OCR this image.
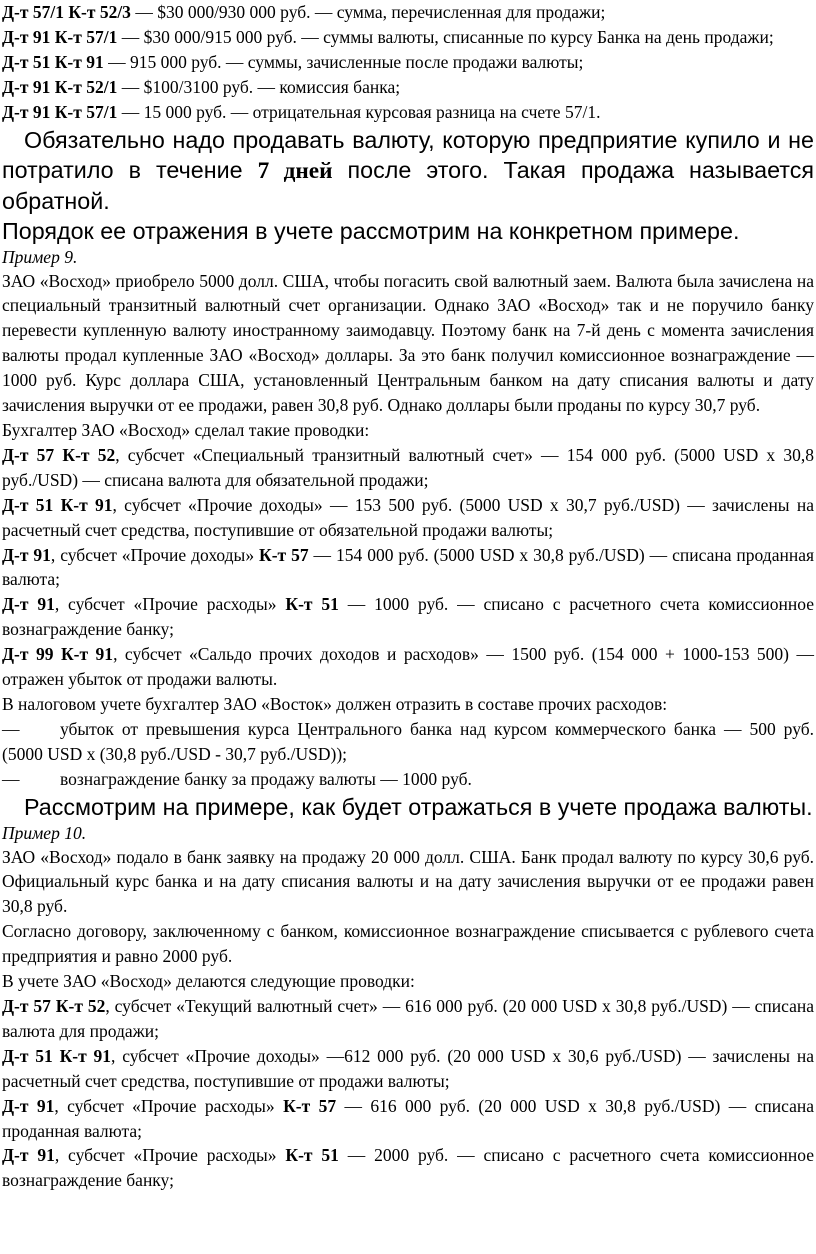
Д-т 57/1 К-т 52/3 — $30 000/930 000 руб. — сумма, перечисленная для продажи;

Д-т 91 К-т 57/1 — $30 000/915 000 руб. — суммы валюты, списанные по курсу Банка на день продажи;

Д-т 51 К-т 91 — 915 000 руб. — суммы, зачисленные после продажи валюты;

Д-т 91 К-т 52/1 — $100/3100 руб. — комиссия банка;

Д-т 91 К-т 57/1 — 15 000 руб. — отрицательная курсовая разница на счете 57/1.

Обязательно надо продавать валюту, которую предприятие купило и не потратило в течение 7 дней после этого. Такая продажа называется обратной.

Порядок ее отражения в учете рассмотрим на конкретном примере.

Пример 9.

ЗАО «Восход» приобрело 5000 долл. США, чтобы погасить свой валютный заем. Валюта была зачислена на специальный транзитный валютный счет организации. Однако ЗАО «Восход» так и не поручило банку перевести купленную валюту иностранному заимодавцу. Поэтому банк на 7-й день с момента зачисления валюты продал купленные ЗАО «Восход» доллары. За это банк получил комиссионное вознаграждение — 1000 руб. Курс доллара США, установленный Центральным банком на дату списания валюты и дату зачисления выручки от ее продажи, равен 30,8 руб. Однако доллары были проданы по курсу 30,7 руб.

Бухгалтер ЗАО «Восход» сделал такие проводки:

Д-т 57 К-т 52, субсчет «Специальный транзитный валютный счет» — 154 000 руб. (5000 USD х 30,8 руб./USD) — списана валюта для обязательной продажи;

Д-т 51 К-т 91, субсчет «Прочие доходы» — 153 500 руб. (5000 USD х 30,7 руб./USD) — зачислены на расчетный счет средства, поступившие от обязательной продажи валюты;

Д-т 91, субсчет «Прочие доходы» К-т 57 — 154 000 руб. (5000 USD х 30,8 руб./USD) — списана проданная валюта;

Д-т 91, субсчет «Прочие расходы» К-т 51 — 1000 руб. — списано с расчетного счета комиссионное вознаграждение банку;

Д-т 99 К-т 91, субсчет «Сальдо прочих доходов и расходов» — 1500 руб. (154 000 + 1000-153 500) — отражен убыток от продажи валюты.

В налоговом учете бухгалтер ЗАО «Восток» должен отразить в составе прочих расходов:

— убыток от превышения курса Центрального банка над курсом коммерческого банка — 500 руб. (5000 USD х (30,8 руб./USD - 30,7 руб./USD));

— вознаграждение банку за продажу валюты — 1000 руб.

Рассмотрим на примере, как будет отражаться в учете продажа валюты.

Пример 10.

ЗАО «Восход» подало в банк заявку на продажу 20 000 долл. США. Банк продал валюту по курсу 30,6 руб. Официальный курс банка и на дату списания валюты и на дату зачисления выручки от ее продажи равен 30,8 руб.

Согласно договору, заключенному с банком, комиссионное вознаграждение списывается с рублевого счета предприятия и равно 2000 руб.

В учете ЗАО «Восход» делаются следующие проводки:

Д-т 57 К-т 52, субсчет «Текущий валютный счет» — 616 000 руб. (20 000 USD х 30,8 руб./USD) — списана валюта для продажи;

Д-т 51 К-т 91, субсчет «Прочие доходы» —612 000 руб. (20 000 USD х 30,6 руб./USD) — зачислены на расчетный счет средства, поступившие от продажи валюты;

Д-т 91, субсчет «Прочие расходы» К-т 57 — 616 000 руб. (20 000 USD х 30,8 руб./USD) — списана проданная валюта;

Д-т 91, субсчет «Прочие расходы» К-т 51 — 2000 руб. — списано с расчетного счета комиссионное вознаграждение банку;
